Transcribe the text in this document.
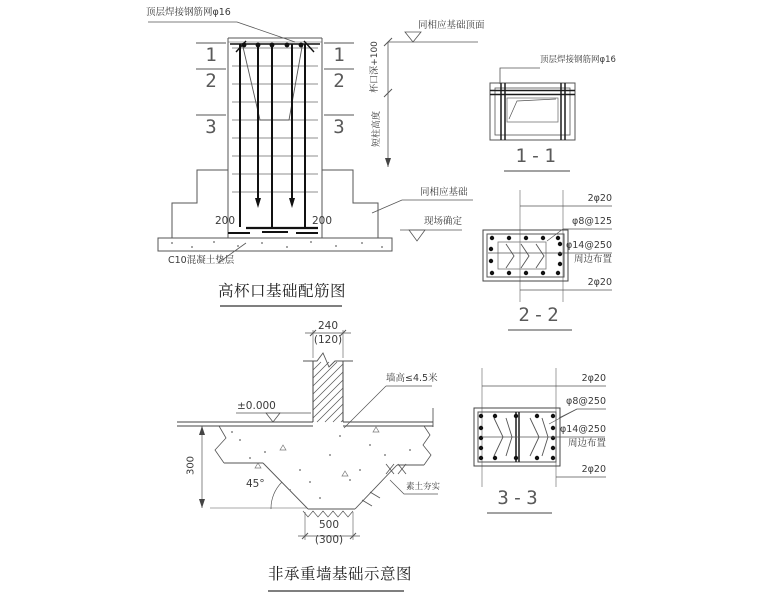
顶层焊接钢筋网φ16
同相应基础顶面
杯口深+100
短柱高度
同相应基础
现场确定
C10混凝土垫层
200	200
1
2
3
1
2
3
高杯口基础配筋图
顶层焊接钢筋网φ16
1-1
2φ20
φ8@125
φ14@250
周边布置
2φ20
2-2
2φ20
φ8@250
φ14@250
周边布置
2φ20
3-3
240
(120)
墙高≤4.5米
±0.000
300
45°	素土夯实
500
(300)
非承重墙基础示意图
